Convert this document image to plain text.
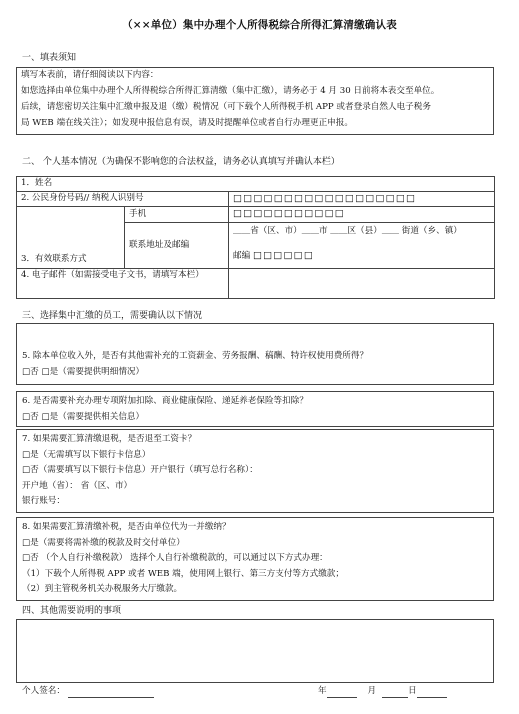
（××单位）集中办理个人所得税综合所得汇算清缴确认表
一、填表须知

填写本表前，请仔细阅读以下内容：

如您选择由单位集中办理个人所得税综合所得汇算清缴（集中汇缴），请务必于 4 月 30 日前将本表交至单位。

后续，请您密切关注集中汇缴申报及退（缴）税情况（可下载个人所得税手机 APP 或者登录自然人电子税务

局 WEB 端在线关注）；如发现申报信息有误，请及时提醒单位或者自行办理更正申报。

二、 个人基本情况（为确保不影响您的合法权益，请务必认真填写并确认本栏）
1．姓名		
2. 公民身份号码// 纳税人识别号		□□□□□□□□□□□□□□□□□□
3．有效联系方式	手机	□□□□□□□□□□□
	联系地址及邮编	＿＿省（区、市）＿＿市 ＿＿区（县）＿＿ 街道（乡、镇）
邮编 □□□□□□

4. 电子邮件（如需接受电子文书，请填写本栏）		
三、选择集中汇缴的员工，需要确认以下情况

5. 除本单位收入外，是否有其他需补充的工资薪金、劳务报酬、稿酬、特许权使用费所得？

□否 □是（需要提供明细情况）

6. 是否需要补充办理专项附加扣除、商业健康保险、递延养老保险等扣除？

□否 □是（需要提供相关信息）

7. 如果需要汇算清缴退税，是否退至工资卡？

□是（无需填写以下银行卡信息）

□否（需要填写以下银行卡信息）开户银行（填写总行名称）：

开户地（省）： 省（区、市）

银行账号：

8. 如果需要汇算清缴补税，是否由单位代为一并缴纳？

□是（需要将需补缴的税款及时交付单位）

□否 （个人自行补缴税款） 选择个人自行补缴税款的，可以通过以下方式办理：

（1）下载个人所得税 APP 或者 WEB 端，使用网上银行、第三方支付等方式缴款；

（2）到主管税务机关办税服务大厅缴款。

四、其他需要说明的事项
个人签名：	年	月	日
